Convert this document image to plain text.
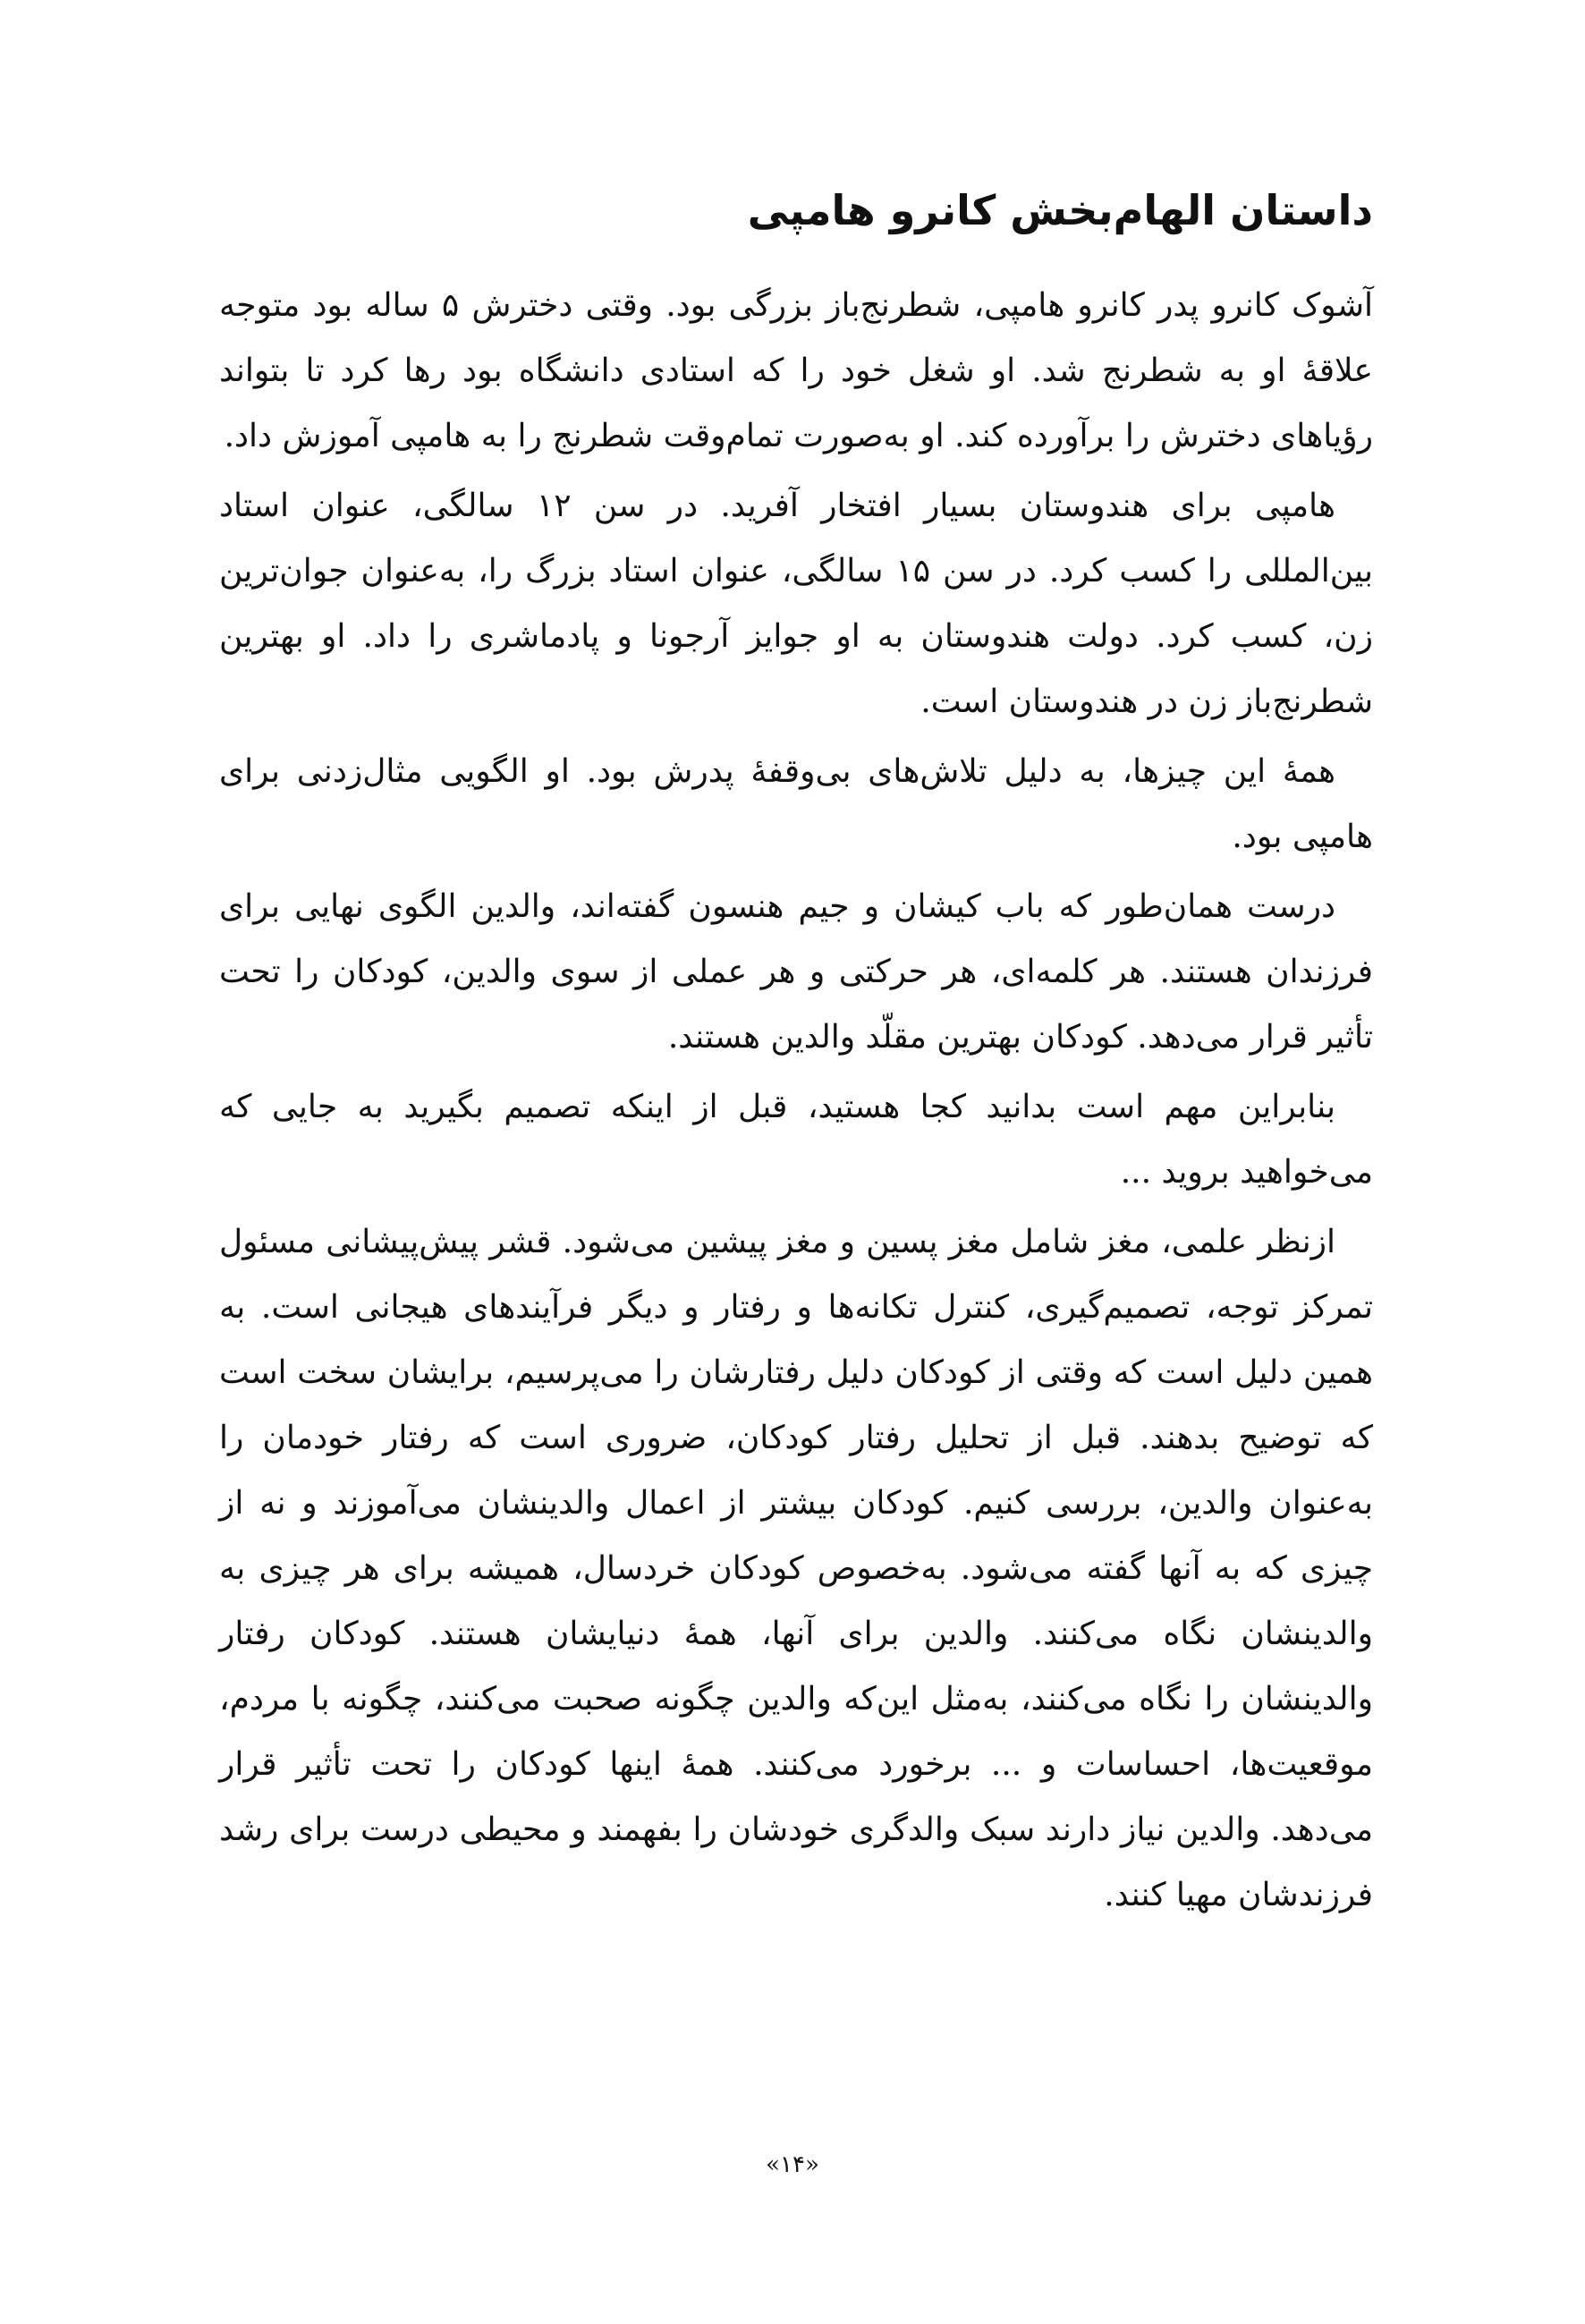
داستان الهام‌بخش کانرو هامپی

آشوک کانرو پدر کانرو هامپی، شطرنج‌باز بزرگی بود. وقتی دخترش ۵ ساله بود متوجه علاقهٔ او به شطرنج شد. او شغل خود را که استادی دانشگاه بود رها کرد تا بتواند رؤیاهای دخترش را برآورده کند. او به‌صورت تمام‌وقت شطرنج را به هامپی آموزش داد.

هامپی برای هندوستان بسیار افتخار آفرید. در سن ۱۲ سالگی، عنوان استاد بین‌المللی را کسب کرد. در سن ۱۵ سالگی، عنوان استاد بزرگ را، به‌عنوان جوان‌ترین زن، کسب کرد. دولت هندوستان به او جوایز آرجونا و پادماشری را داد. او بهترین شطرنج‌باز زن در هندوستان است.

همهٔ این چیزها، به دلیل تلاش‌های بی‌وقفهٔ پدرش بود. او الگویی مثال‌زدنی برای هامپی بود.

درست همان‌طور که باب کیشان و جیم هنسون گفته‌اند، والدین الگوی نهایی برای فرزندان هستند. هر کلمه‌ای، هر حرکتی و هر عملی از سوی والدین، کودکان را تحت تأثیر قرار می‌دهد. کودکان بهترین مقلّد والدین هستند.

بنابراین مهم است بدانید کجا هستید، قبل از اینکه تصمیم بگیرید به جایی که می‌خواهید بروید ...

ازنظر علمی، مغز شامل مغز پسین و مغز پیشین می‌شود. قشر پیش‌پیشانی مسئول تمرکز توجه، تصمیم‌گیری، کنترل تکانه‌ها و رفتار و دیگر فرآیندهای هیجانی است. به همین دلیل است که وقتی از کودکان دلیل رفتارشان را می‌پرسیم، برایشان سخت است که توضیح بدهند. قبل از تحلیل رفتار کودکان، ضروری است که رفتار خودمان را به‌عنوان والدین، بررسی کنیم. کودکان بیشتر از اعمال والدینشان می‌آموزند و نه از چیزی که به آنها گفته می‌شود. به‌خصوص کودکان خردسال، همیشه برای هر چیزی به والدینشان نگاه می‌کنند. والدین برای آنها، همهٔ دنیایشان هستند. کودکان رفتار والدینشان را نگاه می‌کنند، به‌مثل این‌که والدین چگونه صحبت می‌کنند، چگونه با مردم، موقعیت‌ها، احساسات و ... برخورد می‌کنند. همهٔ اینها کودکان را تحت تأثیر قرار می‌دهد. والدین نیاز دارند سبک والدگری خودشان را بفهمند و محیطی درست برای رشد فرزندشان مهیا کنند.

«۱۴»
